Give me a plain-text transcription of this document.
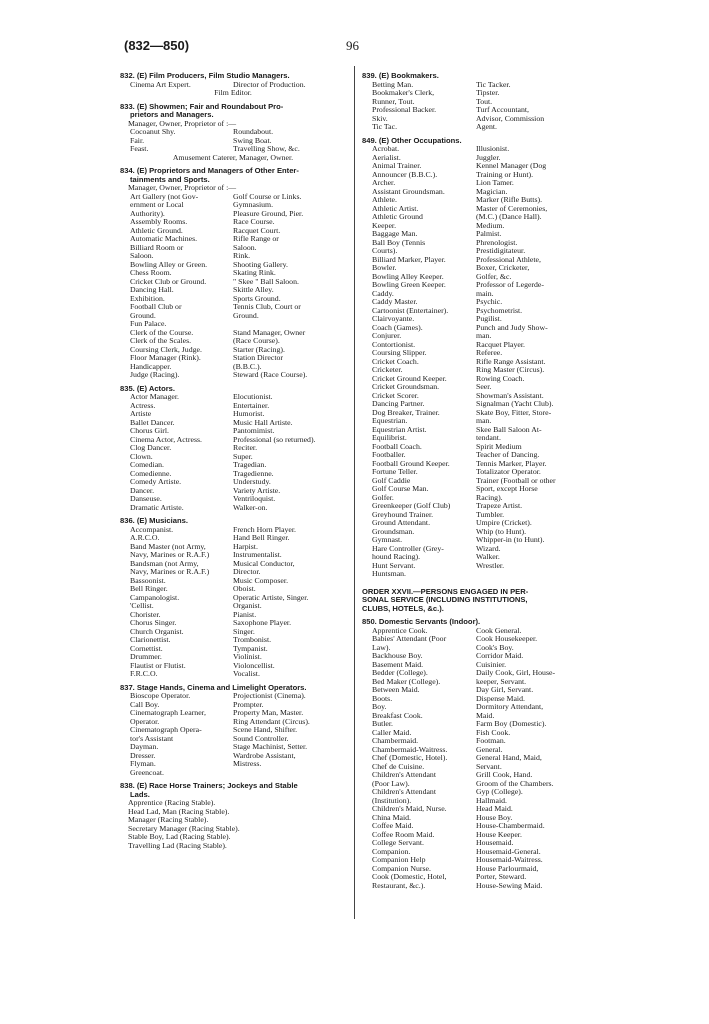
(832—850)	96
832. (E) Film Producers, Film Studio Managers.
Cinema Art Expert.	Director of Production.
Film Editor.
833. (E) Showmen; Fair and Roundabout Pro-
prietors and Managers.
Manager, Owner, Proprietor of :—
Cocoanut Shy.	Roundabout.
Fair.	Swing Boat.
Feast.	Travelling Show, &c.
Amusement Caterer, Manager, Owner.
834. (E) Proprietors and Managers of Other Enter-
tainments and Sports.
Manager, Owner, Proprietor of :—
Art Gallery (not Gov-	Golf Course or Links.
ernment or Local	Gymnasium.
Authority).	Pleasure Ground, Pier.
Assembly Rooms.	Race Course.
Athletic Ground.	Racquet Court.
Automatic Machines.	Rifle Range or
Billiard Room or	Saloon.
Saloon.	Rink.
Bowling Alley or Green.	Shooting Gallery.
Chess Room.	Skating Rink.
Cricket Club or Ground.	" Skee " Ball Saloon.
Dancing Hall.	Skittle Alley.
Exhibition.	Sports Ground.
Football Club or	Tennis Club, Court or
Ground.	Ground.
Fun Palace.
Clerk of the Course.	Stand Manager, Owner
Clerk of the Scales.	(Race Course).
Coursing Clerk, Judge.	Starter (Racing).
Floor Manager (Rink).	Station Director
Handicapper.	(B.B.C.).
Judge (Racing).	Steward (Race Course).
835. (E) Actors.
Actor Manager.	Elocutionist.
Actress.	Entertainer.
Artiste	Humorist.
Ballet Dancer.	Music Hall Artiste.
Chorus Girl.	Pantomimist.
Cinema Actor, Actress.	Professional (so returned).
Clog Dancer.	Reciter.
Clown.	Super.
Comedian.	Tragedian.
Comedienne.	Tragedienne.
Comedy Artiste.	Understudy.
Dancer.	Variety Artiste.
Danseuse.	Ventriloquist.
Dramatic Artiste.	Walker-on.
836. (E) Musicians.
Accompanist.	French Horn Player.
A.R.C.O.	Hand Bell Ringer.
Band Master (not Army,	Harpist.
Navy, Marines or R.A.F.)	Instrumentalist.
Bandsman (not Army,	Musical Conductor,
Navy, Marines or R.A.F.)	Director.
Bassoonist.	Music Composer.
Bell Ringer.	Oboist.
Campanologist.	Operatic Artiste, Singer.
'Cellist.	Organist.
Chorister.	Pianist.
Chorus Singer.	Saxophone Player.
Church Organist.	Singer.
Clarionettist.	Trombonist.
Cornettist.	Tympanist.
Drummer.	Violinist.
Flautist or Flutist.	Violoncellist.
F.R.C.O.	Vocalist.
837. Stage Hands, Cinema and Limelight Operators.
Bioscope Operator.	Projectionist (Cinema).
Call Boy.	Prompter.
Cinematograph Learner,	Property Man, Master.
Operator.	Ring Attendant (Circus).
Cinematograph Opera-	Scene Hand, Shifter.
tor's Assistant	Sound Controller.
Dayman.	Stage Machinist, Setter.
Dresser.	Wardrobe Assistant,
Flyman.	Mistress.
Greencoat.
838. (E) Race Horse Trainers; Jockeys and Stable
Lads.
Apprentice (Racing Stable).
Head Lad, Man (Racing Stable).
Manager (Racing Stable).
Secretary Manager (Racing Stable).
Stable Boy, Lad (Racing Stable).
Travelling Lad (Racing Stable).
839. (E) Bookmakers.
Betting Man.	Tic Tacker.
Bookmaker's Clerk,	Tipster.
Runner, Tout.	Tout.
Professional Backer.	Turf Accountant,
Skiv.	Advisor, Commission
Tic Tac.	Agent.
849. (E) Other Occupations.
Acrobat.	Illusionist.
Aerialist.	Juggler.
Animal Trainer.	Kennel Manager (Dog
Announcer (B.B.C.).	Training or Hunt).
Archer.	Lion Tamer.
Assistant Groundsman.	Magician.
Athlete.	Marker (Rifle Butts).
Athletic Artist.	Master of Ceremonies,
Athletic Ground	(M.C.) (Dance Hall).
Keeper.	Medium.
Baggage Man.	Palmist.
Ball Boy (Tennis	Phrenologist.
Courts).	Prestidigitateur.
Billiard Marker, Player.	Professional Athlete,
Bowler.	Boxer, Cricketer,
Bowling Alley Keeper.	Golfer, &c.
Bowling Green Keeper.	Professor of Legerde-
Caddy.	main.
Caddy Master.	Psychic.
Cartoonist (Entertainer).	Psychometrist.
Clairvoyante.	Pugilist.
Coach (Games).	Punch and Judy Show-
Conjurer.	man.
Contortionist.	Racquet Player.
Coursing Slipper.	Referee.
Cricket Coach.	Rifle Range Assistant.
Cricketer.	Ring Master (Circus).
Cricket Ground Keeper.	Rowing Coach.
Cricket Groundsman.	Seer.
Cricket Scorer.	Showman's Assistant.
Dancing Partner.	Signalman (Yacht Club).
Dog Breaker, Trainer.	Skate Boy, Fitter, Store-
Equestrian.	man.
Equestrian Artist.	Skee Ball Saloon At-
Equilibrist.	tendant.
Football Coach.	Spirit Medium
Footballer.	Teacher of Dancing.
Football Ground Keeper.	Tennis Marker, Player.
Fortune Teller.	Totalizator Operator.
Golf Caddie	Trainer (Football or other
Golf Course Man.	Sport, except Horse
Golfer.	Racing).
Greenkeeper (Golf Club)	Trapeze Artist.
Greyhound Trainer.	Tumbler.
Ground Attendant.	Umpire (Cricket).
Groundsman.	Whip (to Hunt).
Gymnast.	Whipper-in (to Hunt).
Hare Controller (Grey-	Wizard.
hound Racing).	Walker.
Hunt Servant.	Wrestler.
Huntsman.
ORDER XXVII.—PERSONS ENGAGED IN PER-
SONAL SERVICE (INCLUDING INSTITUTIONS,
CLUBS, HOTELS, &c.).
850. Domestic Servants (Indoor).
Apprentice Cook.	Cook General.
Babies' Attendant (Poor	Cook Housekeeper.
Law).	Cook's Boy.
Backhouse Boy.	Corridor Maid.
Basement Maid.	Cuisinier.
Bedder (College).	Daily Cook, Girl, House-
Bed Maker (College).	keeper, Servant.
Between Maid.	Day Girl, Servant.
Boots.	Dispense Maid.
Boy.	Dormitory Attendant,
Breakfast Cook.	Maid.
Butler.	Farm Boy (Domestic).
Caller Maid.	Fish Cook.
Chambermaid.	Footman.
Chambermaid-Waitress.	General.
Chef (Domestic, Hotel).	General Hand, Maid,
Chef de Cuisine.	Servant.
Children's Attendant	Grill Cook, Hand.
(Poor Law).	Groom of the Chambers.
Children's Attendant	Gyp (College).
(Institution).	Hallmaid.
Children's Maid, Nurse.	Head Maid.
China Maid.	House Boy.
Coffee Maid.	House-Chambermaid.
Coffee Room Maid.	House Keeper.
College Servant.	Housemaid.
Companion.	Housemaid-General.
Companion Help	Housemaid-Waitress.
Companion Nurse.	House Parlourmaid,
Cook (Domestic, Hotel,	Porter, Steward.
Restaurant, &c.).	House-Sewing Maid.
